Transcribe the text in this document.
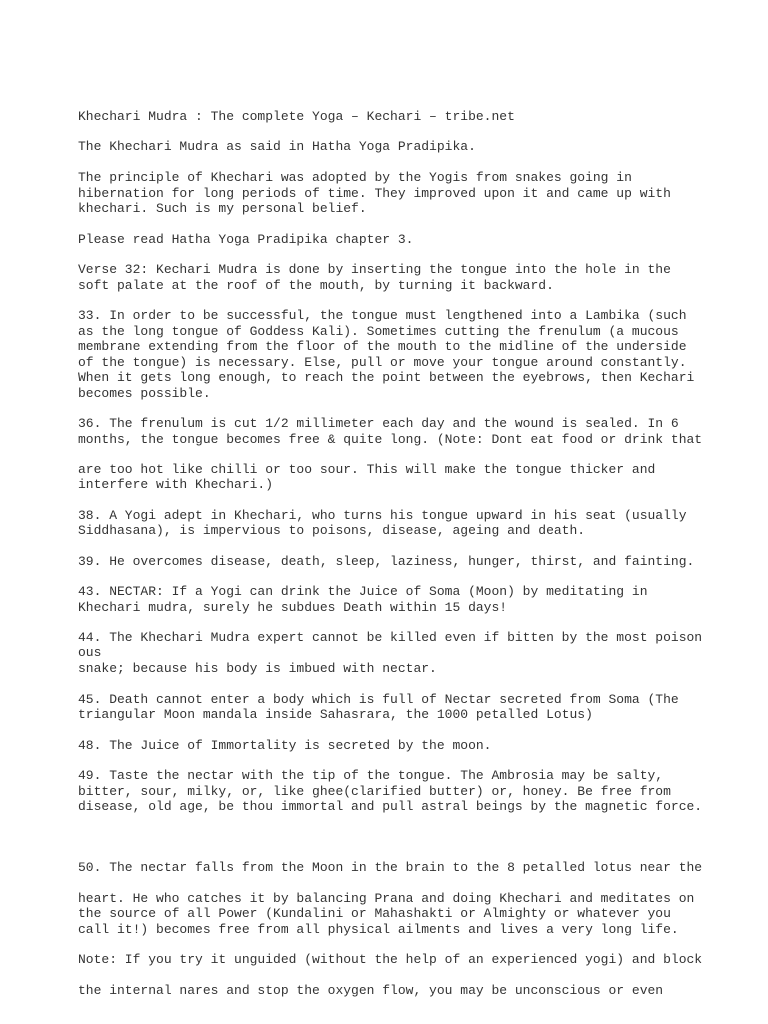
Khechari Mudra : The complete Yoga – Kechari – tribe.net
The Khechari Mudra as said in Hatha Yoga Pradipika.
The principle of Khechari was adopted by the Yogis from snakes going in
hibernation for long periods of time. They improved upon it and came up with
khechari. Such is my personal belief.
Please read Hatha Yoga Pradipika chapter 3.
Verse 32: Kechari Mudra is done by inserting the tongue into the hole in the
soft palate at the roof of the mouth, by turning it backward.
33. In order to be successful, the tongue must lengthened into a Lambika (such
as the long tongue of Goddess Kali). Sometimes cutting the frenulum (a mucous
membrane extending from the floor of the mouth to the midline of the underside
of the tongue) is necessary. Else, pull or move your tongue around constantly.
When it gets long enough, to reach the point between the eyebrows, then Kechari
becomes possible.
36. The frenulum is cut 1/2 millimeter each day and the wound is sealed. In 6
months, the tongue becomes free & quite long. (Note: Dont eat food or drink that
are too hot like chilli or too sour. This will make the tongue thicker and
interfere with Khechari.)
38. A Yogi adept in Khechari, who turns his tongue upward in his seat (usually
Siddhasana), is impervious to poisons, disease, ageing and death.
39. He overcomes disease, death, sleep, laziness, hunger, thirst, and fainting.
43. NECTAR: If a Yogi can drink the Juice of Soma (Moon) by meditating in
Khechari mudra, surely he subdues Death within 15 days!
44. The Khechari Mudra expert cannot be killed even if bitten by the most poison
ous
snake; because his body is imbued with nectar.
45. Death cannot enter a body which is full of Nectar secreted from Soma (The
triangular Moon mandala inside Sahasrara, the 1000 petalled Lotus)
48. The Juice of Immortality is secreted by the moon.
49. Taste the nectar with the tip of the tongue. The Ambrosia may be salty,
bitter, sour, milky, or, like ghee(clarified butter) or, honey. Be free from
disease, old age, be thou immortal and pull astral beings by the magnetic force.
50. The nectar falls from the Moon in the brain to the 8 petalled lotus near the
heart. He who catches it by balancing Prana and doing Khechari and meditates on
the source of all Power (Kundalini or Mahashakti or Almighty or whatever you
call it!) becomes free from all physical ailments and lives a very long life.
Note: If you try it unguided (without the help of an experienced yogi) and block
the internal nares and stop the oxygen flow, you may be unconscious or even
